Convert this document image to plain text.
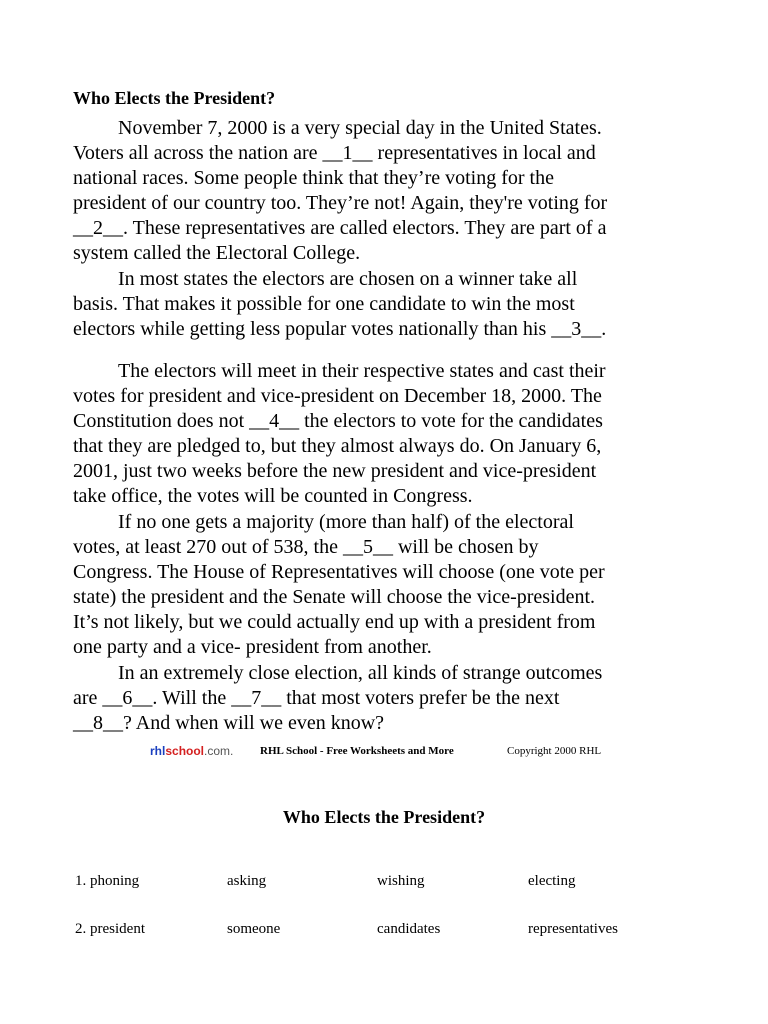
Who Elects the President?

November 7, 2000 is a very special day in the United States.
Voters all across the nation are __1__ representatives in local and
national races. Some people think that they’re voting for the
president of our country too. They’re not! Again, they're voting for
__2__. These representatives are called electors. They are part of a
system called the Electoral College.

In most states the electors are chosen on a winner take all
basis. That makes it possible for one candidate to win the most
electors while getting less popular votes nationally than his __3__.

The electors will meet in their respective states and cast their
votes for president and vice-president on December 18, 2000. The
Constitution does not __4__ the electors to vote for the candidates
that they are pledged to, but they almost always do. On January 6,
2001, just two weeks before the new president and vice-president
take office, the votes will be counted in Congress.

If no one gets a majority (more than half) of the electoral
votes, at least 270 out of 538, the __5__ will be chosen by
Congress. The House of Representatives will choose (one vote per
state) the president and the Senate will choose the vice-president.
It’s not likely, but we could actually end up with a president from
one party and a vice- president from another.

In an extremely close election, all kinds of strange outcomes
are __6__. Will the __7__ that most voters prefer be the next
__8__? And when will we even know?

rhlschool.com. RHL School - Free Worksheets and More	Copyright 2000 RHL
Who Elects the President?
1. phoning	asking	wishing	electing
2. president	someone	candidates	representatives
